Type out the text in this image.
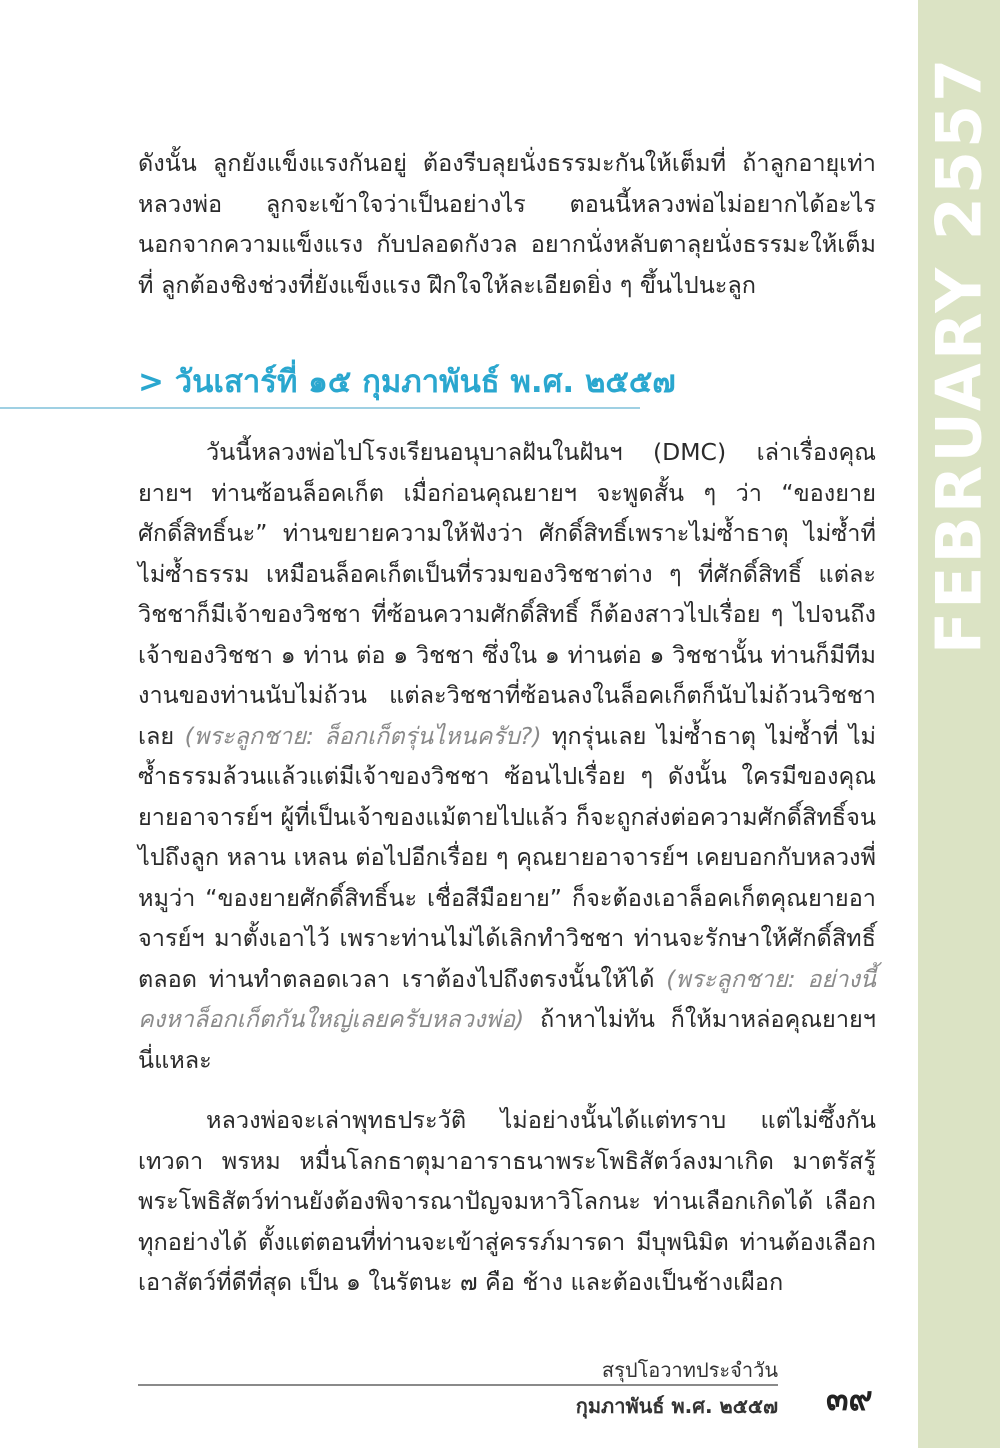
FEBRUARY 2557

ดังนั้น ลูกยังแข็งแรงกันอยู่ ต้องรีบลุยนั่งธรรมะกันให้เต็มที่ ถ้าลูกอายุเท่าหลวงพ่อ ลูกจะเข้าใจว่าเป็นอย่างไร ตอนนี้หลวงพ่อไม่อยากได้อะไรนอกจากความแข็งแรง กับปลอดกังวล อยากนั่งหลับตาลุยนั่งธรรมะให้เต็มที่ ลูกต้องชิงช่วงที่ยังแข็งแรง ฝึกใจให้ละเอียดยิ่ง ๆ ขึ้นไปนะลูก

> วันเสาร์ที่ ๑๕ กุมภาพันธ์ พ.ศ. ๒๕๕๗

วันนี้หลวงพ่อไปโรงเรียนอนุบาลฝันในฝันฯ (DMC) เล่าเรื่องคุณยายฯ ท่านซ้อนล็อคเก็ต เมื่อก่อนคุณยายฯ จะพูดสั้น ๆ ว่า “ของยายศักดิ์สิทธิ์นะ” ท่านขยายความให้ฟังว่า ศักดิ์สิทธิ์เพราะไม่ซ้ำธาตุ ไม่ซ้ำที่ ไม่ซ้ำธรรม เหมือนล็อคเก็ตเป็นที่รวมของวิชชาต่าง ๆ ที่ศักดิ์สิทธิ์ แต่ละวิชชาก็มีเจ้าของวิชชา ที่ซ้อนความศักดิ์สิทธิ์ ก็ต้องสาวไปเรื่อย ๆ ไปจนถึงเจ้าของวิชชา ๑ ท่าน ต่อ ๑ วิชชา ซึ่งใน ๑ ท่านต่อ ๑ วิชชานั้น ท่านก็มีทีมงานของท่านนับไม่ถ้วน แต่ละวิชชาที่ซ้อนลงในล็อคเก็ตก็นับไม่ถ้วนวิชชาเลย (พระลูกชาย: ล็อกเก็ตรุ่นไหนครับ?) ทุกรุ่นเลย ไม่ซ้ำธาตุ ไม่ซ้ำที่ ไม่ซ้ำธรรมล้วนแล้วแต่มีเจ้าของวิชชา ซ้อนไปเรื่อย ๆ ดังนั้น ใครมีของคุณยายอาจารย์ฯ ผู้ที่เป็นเจ้าของแม้ตายไปแล้ว ก็จะถูกส่งต่อความศักดิ์สิทธิ์จนไปถึงลูก หลาน เหลน ต่อไปอีกเรื่อย ๆ คุณยายอาจารย์ฯ เคยบอกกับหลวงพี่หมูว่า “ของยายศักดิ์สิทธิ์นะ เชื่อสีมือยาย” ก็จะต้องเอาล็อคเก็ตคุณยายอาจารย์ฯ มาตั้งเอาไว้ เพราะท่านไม่ได้เลิกทำวิชชา ท่านจะรักษาให้ศักดิ์สิทธิ์ตลอด ท่านทำตลอดเวลา เราต้องไปถึงตรงนั้นให้ได้ (พระลูกชาย: อย่างนี้คงหาล็อกเก็ตกันใหญ่เลยครับหลวงพ่อ) ถ้าหาไม่ทัน ก็ให้มาหล่อคุณยายฯ นี่แหละ

หลวงพ่อจะเล่าพุทธประวัติ ไม่อย่างนั้นได้แต่ทราบ แต่ไม่ซึ้งกัน เทวดา พรหม หมื่นโลกธาตุมาอาราธนาพระโพธิสัตว์ลงมาเกิด มาตรัสรู้ พระโพธิสัตว์ท่านยังต้องพิจารณาปัญจมหาวิโลกนะ ท่านเลือกเกิดได้ เลือกทุกอย่างได้ ตั้งแต่ตอนที่ท่านจะเข้าสู่ครรภ์มารดา มีบุพนิมิต ท่านต้องเลือกเอาสัตว์ที่ดีที่สุด เป็น ๑ ในรัตนะ ๗ คือ ช้าง และต้องเป็นช้างเผือก

สรุปโอวาทประจำวัน
กุมภาพันธ์ พ.ศ. ๒๕๕๗ ๓๙
